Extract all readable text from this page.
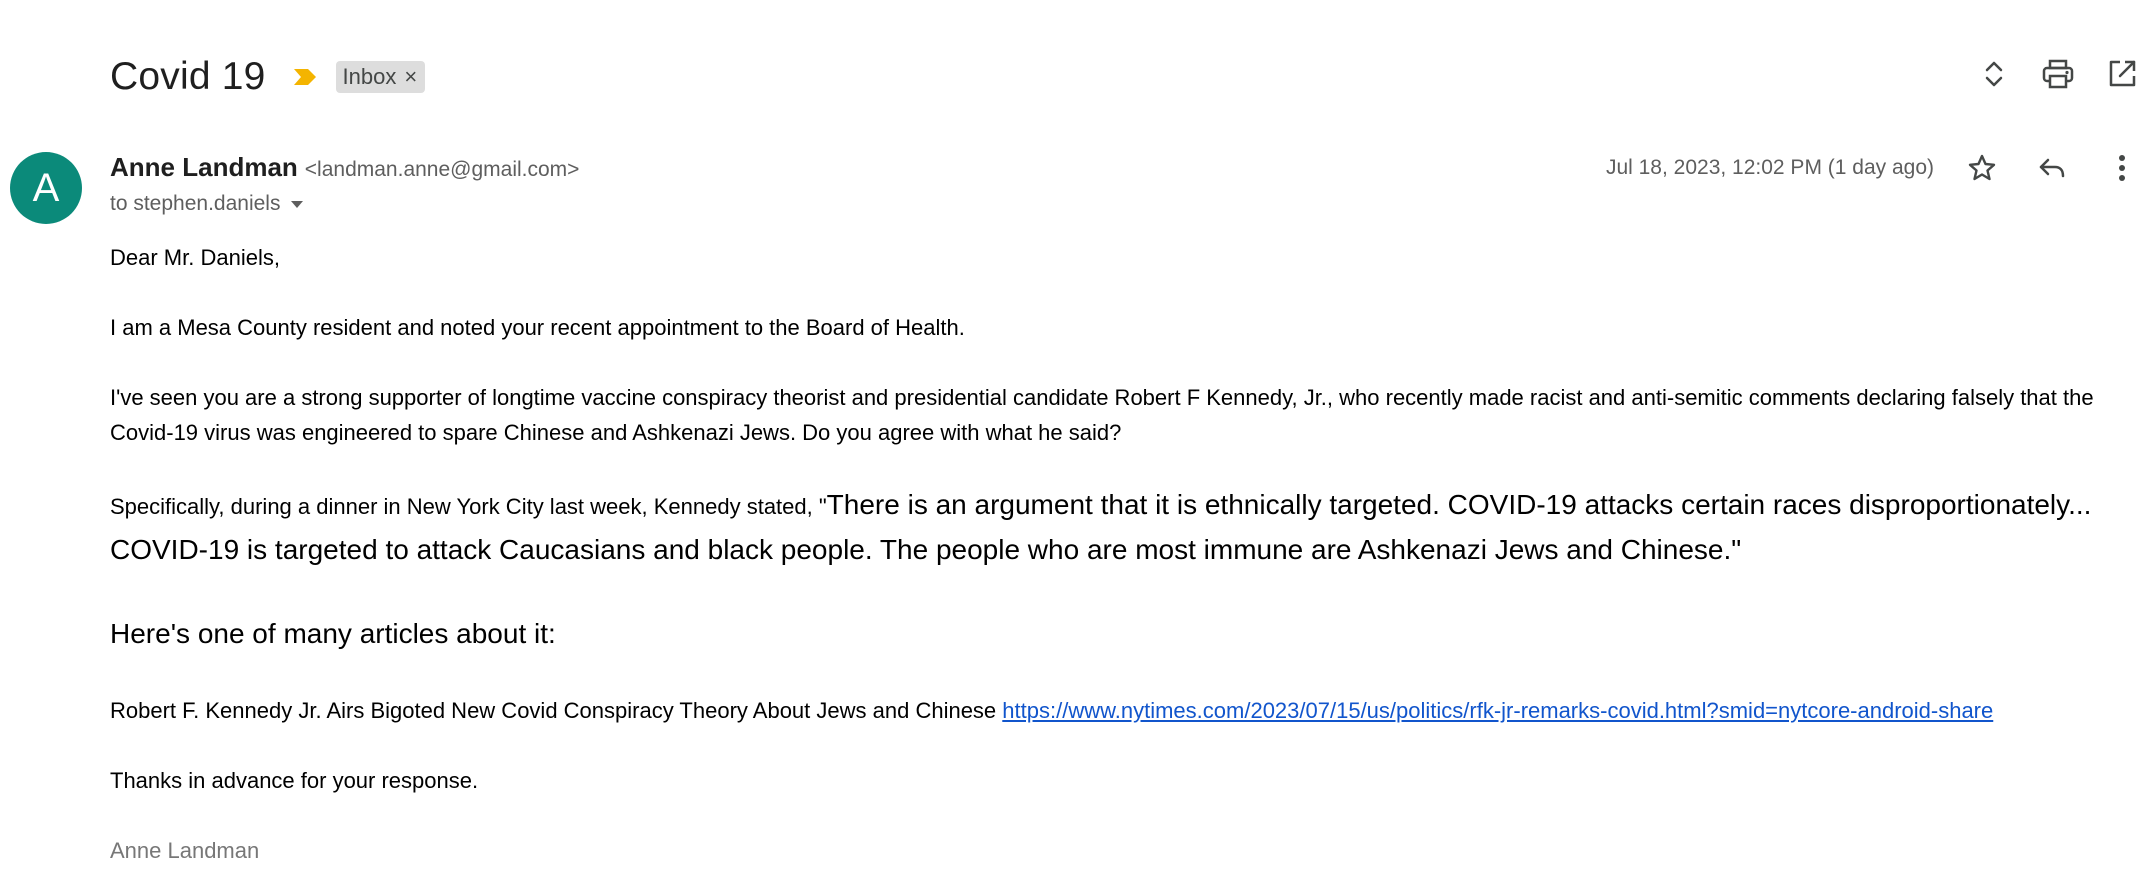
Covid 19	Inbox ×
A	Anne Landman <landman.anne@gmail.com>
to stephen.daniels
Jul 18, 2023, 12:02 PM (1 day ago)

Dear Mr. Daniels,

I am a Mesa County resident and noted your recent appointment to the Board of Health.

I've seen you are a strong supporter of longtime vaccine conspiracy theorist and presidential candidate Robert F Kennedy, Jr., who recently made racist and anti-semitic comments declaring falsely that the Covid-19 virus was engineered to spare Chinese and Ashkenazi Jews. Do you agree with what he said?

Specifically, during a dinner in New York City last week, Kennedy stated, "There is an argument that it is ethnically targeted. COVID-19 attacks certain races disproportionately... COVID-19 is targeted to attack Caucasians and black people. The people who are most immune are Ashkenazi Jews and Chinese."

Here's one of many articles about it:

Robert F. Kennedy Jr. Airs Bigoted New Covid Conspiracy Theory About Jews and Chinese https://www.nytimes.com/2023/07/15/us/politics/rfk-jr-remarks-covid.html?smid=nytcore-android-share

Thanks in advance for your response.

Anne Landman
